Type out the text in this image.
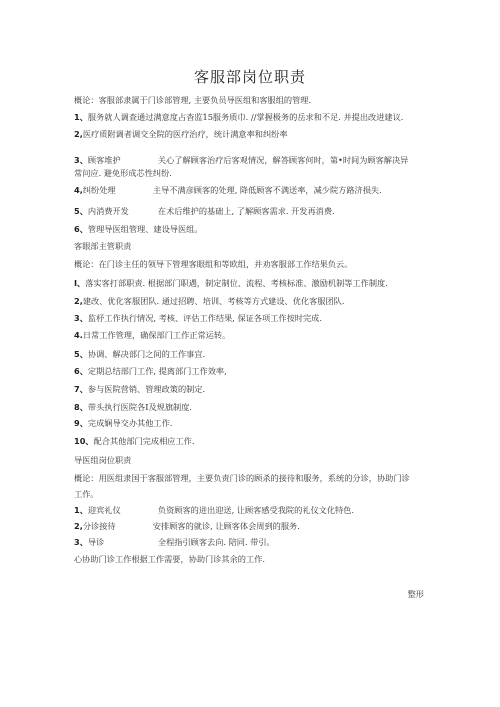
客服部岗位职责
概论：客服部隶属于门诊部管理, 主要负员导医组和客服组的管理.
1、服务就人调查通过满意度占杳监15服务质巾. //掌握极务的岳求和不足. 并提出改进建议.
2,医疗质附调者调交全院的医疗治疗，统计满意率和纠纷率
3、顾客堆护	关心了解顾客治疗后客观情况，解答顾客何时，第•时间为顾客解决异
常问应. 避免形成芯性纠纷.
4,纠纷处理	主导不满彦顾客的处理, 降低顾客不满送率，减少院方路济损失.
5、内消费开发	在术后维护的基础上, 了解顾客需求. 开发再消费.
6、管理导医组管理、建设导医组。
客眼部主管职责
概论：在门诊主任的领导下管理客眼组和等欧组，并劝客服部工作结果负云。
I、落实客打部职责. 根据部门职遇，制定制位、流程、考核标准、激励机制等工作制度.
2,建改、优化客服团队. 通过招聘、培训、考核等方式建设、优化客服团队.
3、监杼工作执行情况, 考核、评估工作结果, 保证各项工作按时完成.
4.日常工作管理，确保部门工作正常运转。
5、协调、解决部门之间的工作事宜.
6、定期总结部门工作, 提离部门工作效率,
7、参与医院营销、管理政策的制定.
8、带头执行医院各I及规旗制度.
9、完成娴导交办其他工作.
10、配合其他部门完成相应工作.
导医组岗位职责
概论：用医组隶国于客服部管理，主要负责门诊的顾杀的接待和服务，系统的分诊，协助门诊
工作。
1、迎宾礼仪	负资顾客的进出迎送, 让顾客感受我院的礼仪文化特色.
2,分诊接待	安排顾客的就诊, 让顾客体会周到的服务.
3、导诊	全程指引顾客去向. 陪同. 带引。
心协助门诊工作根据工作需要，协助门诊其余的工作.
整形
